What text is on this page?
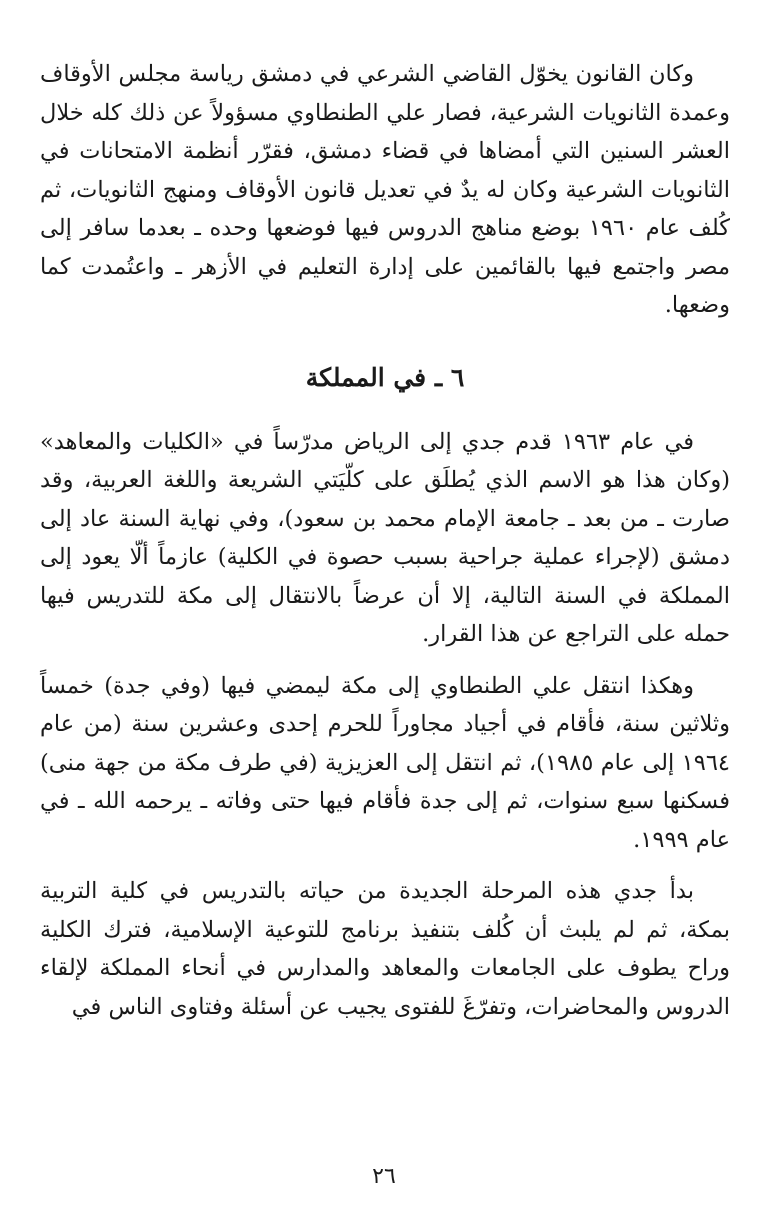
وكان القانون يخوّل القاضي الشرعي في دمشق رياسة مجلس الأوقاف وعمدة الثانويات الشرعية، فصار علي الطنطاوي مسؤولاً عن ذلك كله خلال العشر السنين التي أمضاها في قضاء دمشق، فقرّر أنظمة الامتحانات في الثانويات الشرعية وكان له يدٌ في تعديل قانون الأوقاف ومنهج الثانويات، ثم كُلف عام ١٩٦٠ بوضع مناهج الدروس فيها فوضعها وحده ـ بعدما سافر إلى مصر واجتمع فيها بالقائمين على إدارة التعليم في الأزهر ـ واعتُمدت كما وضعها.

٦ ـ في المملكة

في عام ١٩٦٣ قدم جدي إلى الرياض مدرّساً في «الكليات والمعاهد» (وكان هذا هو الاسم الذي يُطلَق على كلّيَتي الشريعة واللغة العربية، وقد صارت ـ من بعد ـ جامعة الإمام محمد بن سعود)، وفي نهاية السنة عاد إلى دمشق (لإجراء عملية جراحية بسبب حصوة في الكلية) عازماً ألّا يعود إلى المملكة في السنة التالية، إلا أن عرضاً بالانتقال إلى مكة للتدريس فيها حمله على التراجع عن هذا القرار.

وهكذا انتقل علي الطنطاوي إلى مكة ليمضي فيها (وفي جدة) خمساً وثلاثين سنة، فأقام في أجياد مجاوراً للحرم إحدى وعشرين سنة (من عام ١٩٦٤ إلى عام ١٩٨٥)، ثم انتقل إلى العزيزية (في طرف مكة من جهة منى) فسكنها سبع سنوات، ثم إلى جدة فأقام فيها حتى وفاته ـ يرحمه الله ـ في عام ١٩٩٩.

بدأ جدي هذه المرحلة الجديدة من حياته بالتدريس في كلية التربية بمكة، ثم لم يلبث أن كُلف بتنفيذ برنامج للتوعية الإسلامية، فترك الكلية وراح يطوف على الجامعات والمعاهد والمدارس في أنحاء المملكة لإلقاء الدروس والمحاضرات، وتفرّغَ للفتوى يجيب عن أسئلة وفتاوى الناس في

٢٦
